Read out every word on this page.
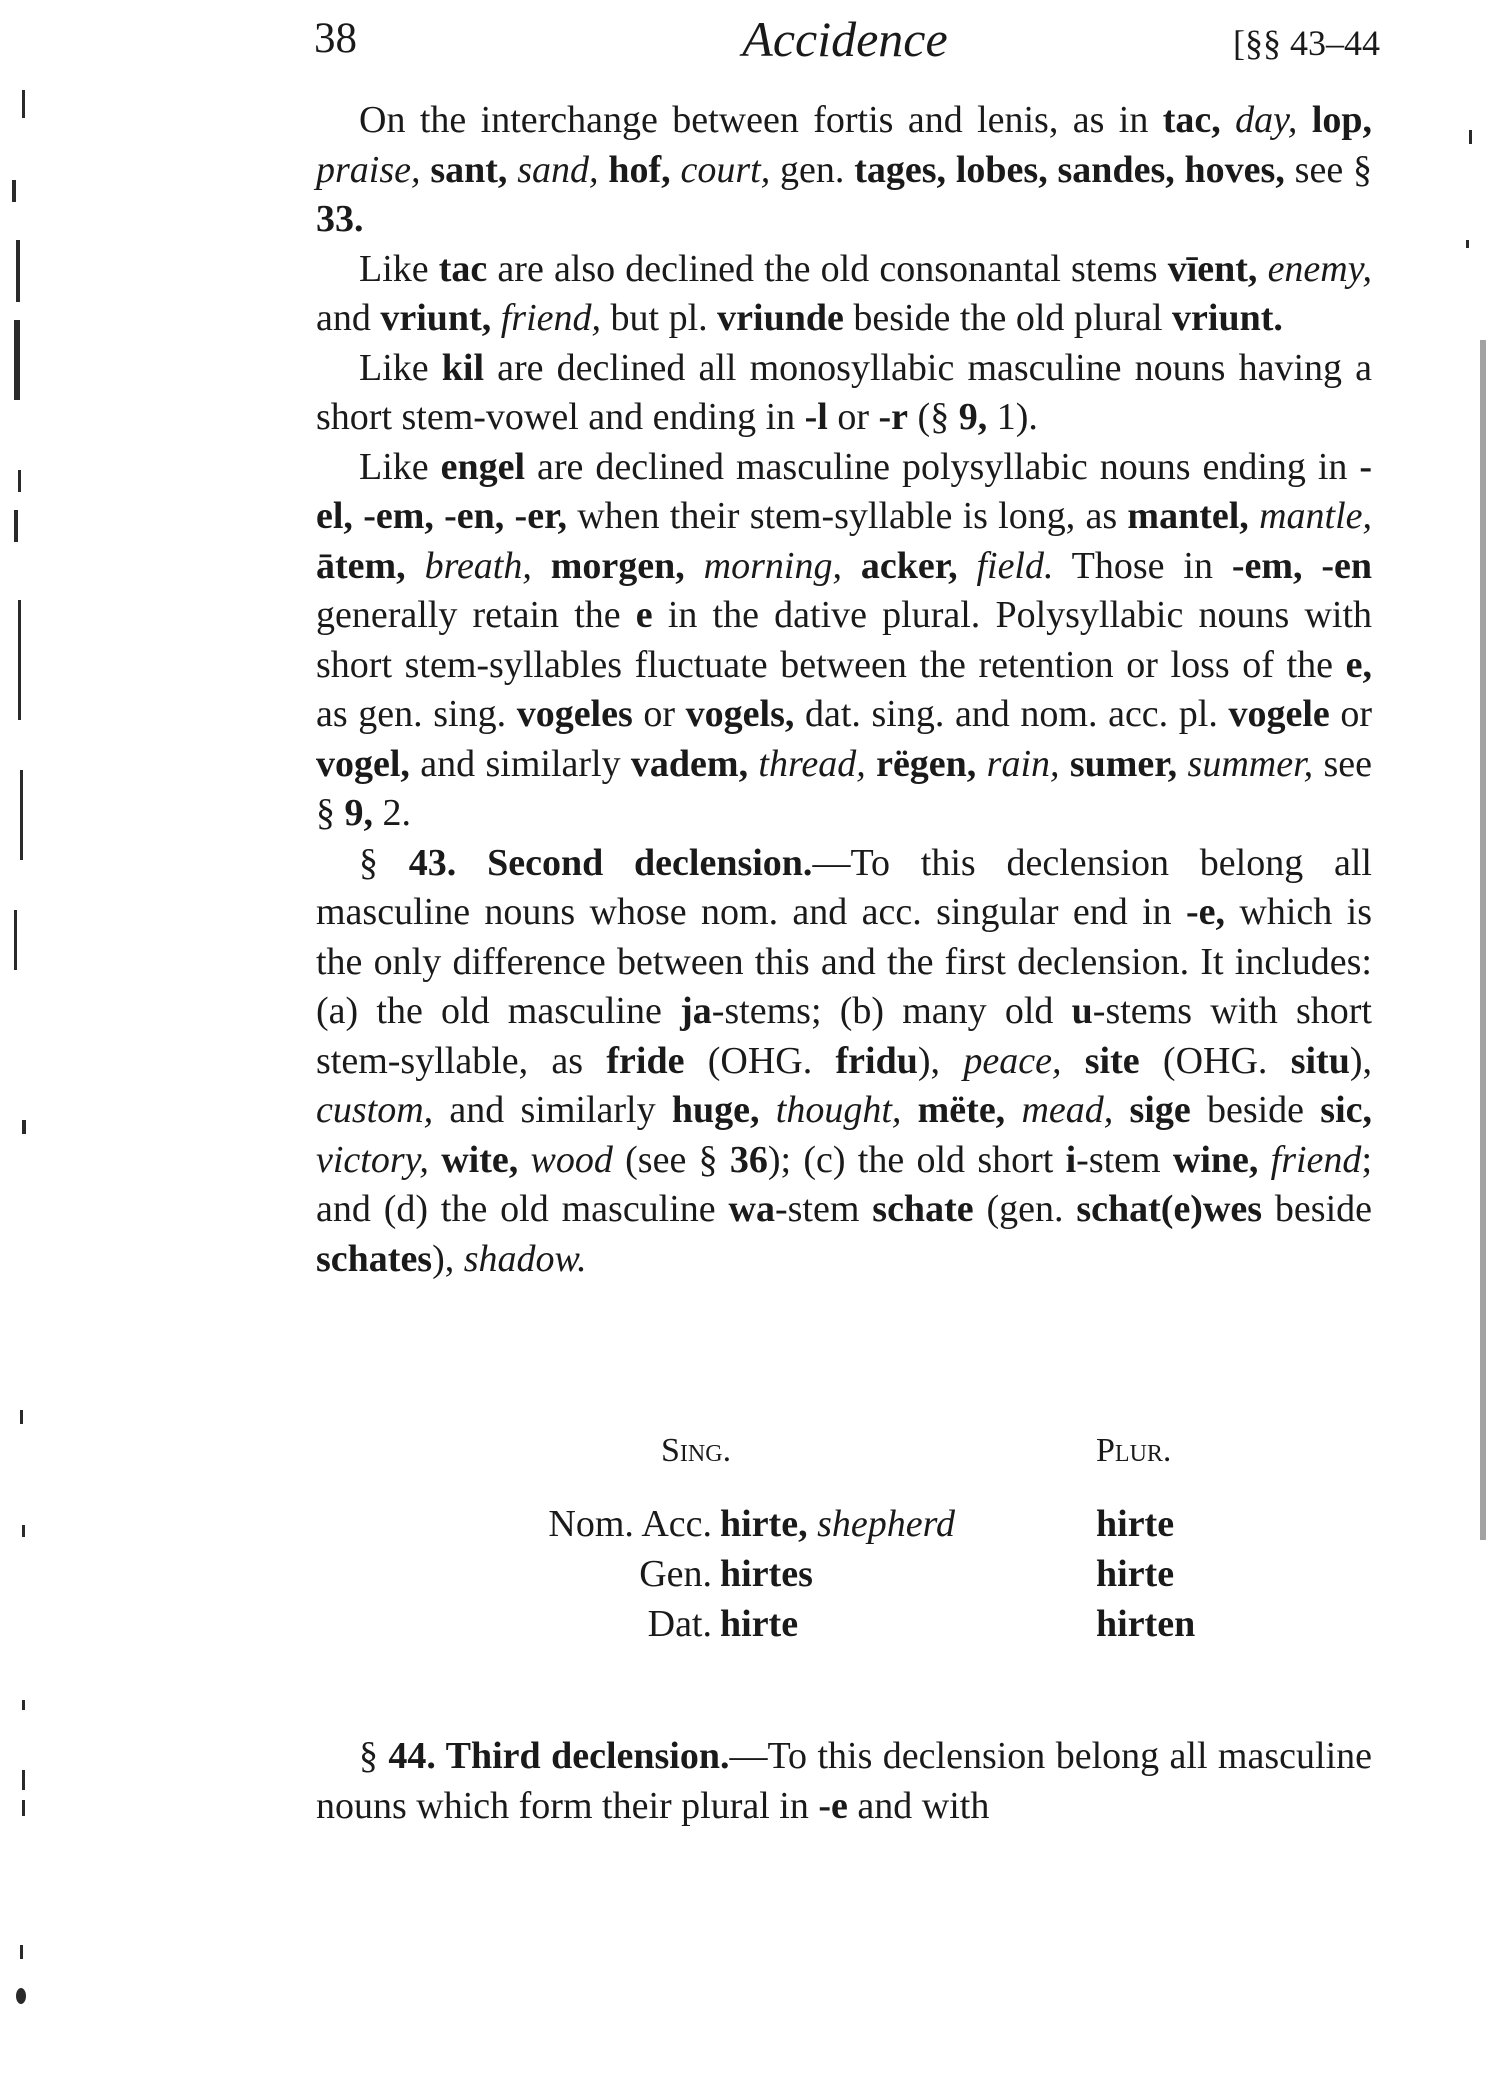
38	Accidence	[§§ 43–44

On the interchange between fortis and lenis, as in tac, day, lop, praise, sant, sand, hof, court, gen. tages, lobes, sandes, hoves, see § 33.

Like tac are also declined the old consonantal stems vīent, enemy, and vriunt, friend, but pl. vriunde beside the old plural vriunt.

Like kil are declined all monosyllabic masculine nouns having a short stem-vowel and ending in -l or -r (§ 9, 1).

Like engel are declined masculine polysyllabic nouns ending in -el, -em, -en, -er, when their stem-syllable is long, as mantel, mantle, ātem, breath, morgen, morning, acker, field. Those in -em, -en generally retain the e in the dative plural. Polysyllabic nouns with short stem-syllables fluctuate between the retention or loss of the e, as gen. sing. vogeles or vogels, dat. sing. and nom. acc. pl. vogele or vogel, and similarly vadem, thread, rëgen, rain, sumer, summer, see § 9, 2.

§ 43. Second declension.—To this declension belong all masculine nouns whose nom. and acc. singular end in -e, which is the only difference between this and the first declension. It includes: (a) the old masculine ja-stems; (b) many old u-stems with short stem-syllable, as fride (OHG. fridu), peace, site (OHG. situ), custom, and similarly huge, thought, mëte, mead, sige beside sic, victory, wite, wood (see § 36); (c) the old short i-stem wine, friend; and (d) the old masculine wa-stem schate (gen. schat(e)wes beside schates), shadow.

Sing.	Plur.
Nom. Acc. hirte, shepherd	hirte
Gen. hirtes	hirte
Dat. hirte	hirten

§ 44. Third declension.—To this declension belong all masculine nouns which form their plural in -e and with
